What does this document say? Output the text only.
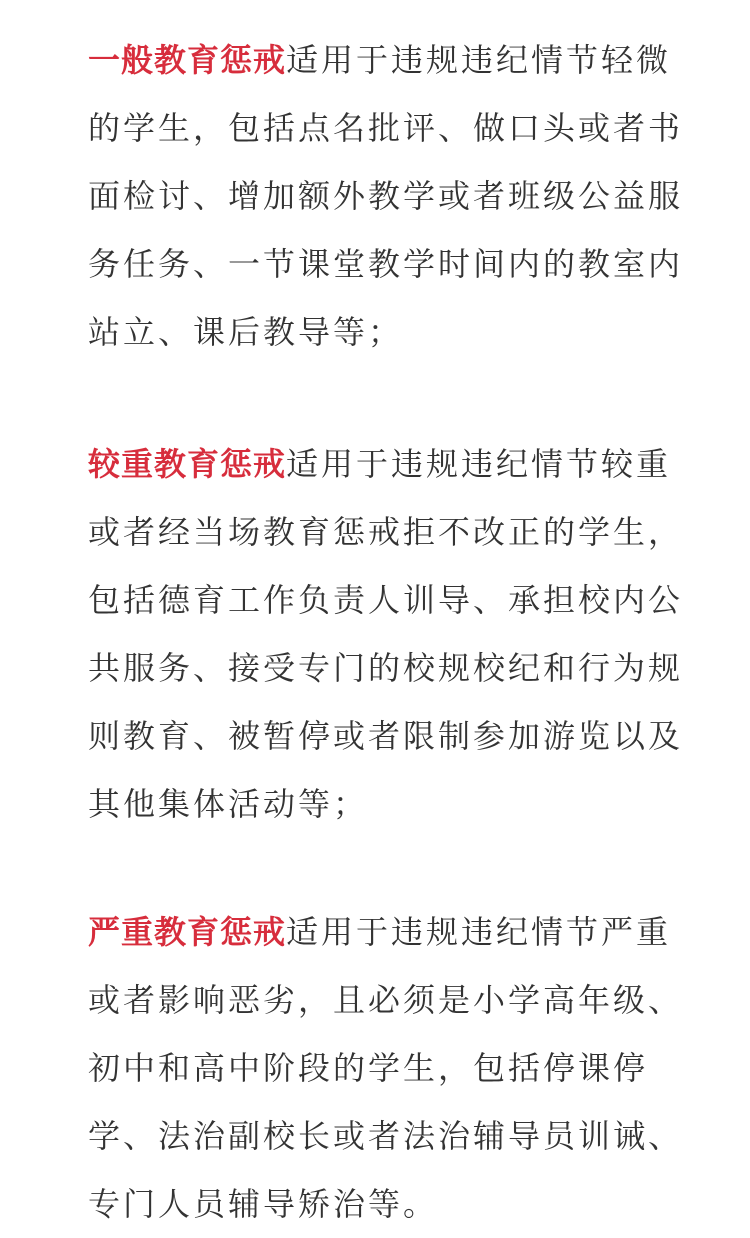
一般教育惩戒适用于违规违纪情节轻微
的学生，包括点名批评、做口头或者书
面检讨、增加额外教学或者班级公益服
务任务、一节课堂教学时间内的教室内
站立、课后教导等；
较重教育惩戒适用于违规违纪情节较重
或者经当场教育惩戒拒不改正的学生，
包括德育工作负责人训导、承担校内公
共服务、接受专门的校规校纪和行为规
则教育、被暂停或者限制参加游览以及
其他集体活动等；
严重教育惩戒适用于违规违纪情节严重
或者影响恶劣，且必须是小学高年级、
初中和高中阶段的学生，包括停课停
学、法治副校长或者法治辅导员训诫、
专门人员辅导矫治等。
